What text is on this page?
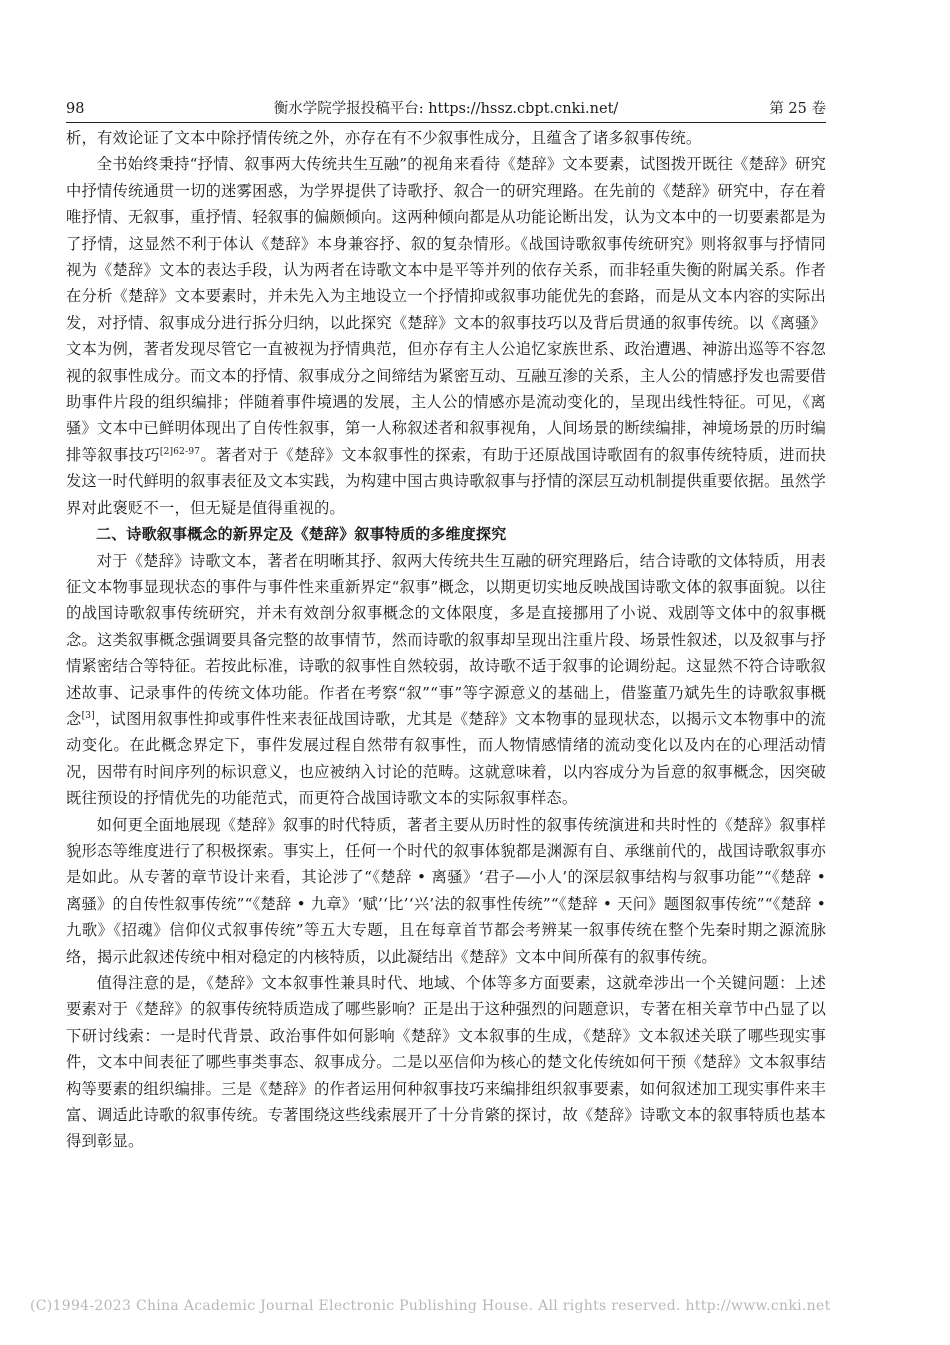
98	衡水学院学报投稿平台: https://hssz.cbpt.cnki.net/	第 25 卷

析，有效论证了文本中除抒情传统之外，亦存在有不少叙事性成分，且蕴含了诸多叙事传统。

全书始终秉持“抒情、叙事两大传统共生互融”的视角来看待《楚辞》文本要素，试图拨开既往《楚辞》研究中抒情传统通贯一切的迷雾困惑，为学界提供了诗歌抒、叙合一的研究理路。在先前的《楚辞》研究中，存在着唯抒情、无叙事，重抒情、轻叙事的偏颇倾向。这两种倾向都是从功能论断出发，认为文本中的一切要素都是为了抒情，这显然不利于体认《楚辞》本身兼容抒、叙的复杂情形。《战国诗歌叙事传统研究》则将叙事与抒情同视为《楚辞》文本的表达手段，认为两者在诗歌文本中是平等并列的依存关系，而非轻重失衡的附属关系。作者在分析《楚辞》文本要素时，并未先入为主地设立一个抒情抑或叙事功能优先的套路，而是从文本内容的实际出发，对抒情、叙事成分进行拆分归纳，以此探究《楚辞》文本的叙事技巧以及背后贯通的叙事传统。以《离骚》文本为例，著者发现尽管它一直被视为抒情典范，但亦存有主人公追忆家族世系、政治遭遇、神游出巡等不容忽视的叙事性成分。而文本的抒情、叙事成分之间缔结为紧密互动、互融互渗的关系，主人公的情感抒发也需要借助事件片段的组织编排；伴随着事件境遇的发展，主人公的情感亦是流动变化的，呈现出线性特征。可见，《离骚》文本中已鲜明体现出了自传性叙事，第一人称叙述者和叙事视角，人间场景的断续编排，神境场景的历时编排等叙事技巧$^{[2]62-97}$。著者对于《楚辞》文本叙事性的探索，有助于还原战国诗歌固有的叙事传统特质，进而抉发这一时代鲜明的叙事表征及文本实践，为构建中国古典诗歌叙事与抒情的深层互动机制提供重要依据。虽然学界对此褒贬不一，但无疑是值得重视的。

二、诗歌叙事概念的新界定及《楚辞》叙事特质的多维度探究

对于《楚辞》诗歌文本，著者在明晰其抒、叙两大传统共生互融的研究理路后，结合诗歌的文体特质，用表征文本物事显现状态的事件与事件性来重新界定“叙事”概念，以期更切实地反映战国诗歌文体的叙事面貌。以往的战国诗歌叙事传统研究，并未有效剖分叙事概念的文体限度，多是直接挪用了小说、戏剧等文体中的叙事概念。这类叙事概念强调要具备完整的故事情节，然而诗歌的叙事却呈现出注重片段、场景性叙述，以及叙事与抒情紧密结合等特征。若按此标准，诗歌的叙事性自然较弱，故诗歌不适于叙事的论调纷起。这显然不符合诗歌叙述故事、记录事件的传统文体功能。作者在考察“叙”“事”等字源意义的基础上，借鉴董乃斌先生的诗歌叙事概念[3]，试图用叙事性抑或事件性来表征战国诗歌，尤其是《楚辞》文本物事的显现状态，以揭示文本物事中的流动变化。在此概念界定下，事件发展过程自然带有叙事性，而人物情感情绪的流动变化以及内在的心理活动情况，因带有时间序列的标识意义，也应被纳入讨论的范畴。这就意味着，以内容成分为旨意的叙事概念，因突破既往预设的抒情优先的功能范式，而更符合战国诗歌文本的实际叙事样态。

如何更全面地展现《楚辞》叙事的时代特质，著者主要从历时性的叙事传统演进和共时性的《楚辞》叙事样貌形态等维度进行了积极探索。事实上，任何一个时代的叙事体貌都是渊源有自、承继前代的，战国诗歌叙事亦是如此。从专著的章节设计来看，其论涉了“《楚辞 • 离骚》‘君子—小人’的深层叙事结构与叙事功能”“《楚辞 • 离骚》的自传性叙事传统”“《楚辞 • 九章》‘赋’‘比’‘兴’法的叙事性传统”“《楚辞 • 天问》题图叙事传统”“《楚辞 • 九歌》《招魂》信仰仪式叙事传统”等五大专题，且在每章首节都会考辨某一叙事传统在整个先秦时期之源流脉络，揭示此叙述传统中相对稳定的内核特质，以此凝结出《楚辞》文本中间所葆有的叙事传统。

值得注意的是，《楚辞》文本叙事性兼具时代、地域、个体等多方面要素，这就牵涉出一个关键问题：上述要素对于《楚辞》的叙事传统特质造成了哪些影响？正是出于这种强烈的问题意识，专著在相关章节中凸显了以下研讨线索：一是时代背景、政治事件如何影响《楚辞》文本叙事的生成，《楚辞》文本叙述关联了哪些现实事件，文本中间表征了哪些事类事态、叙事成分。二是以巫信仰为核心的楚文化传统如何干预《楚辞》文本叙事结构等要素的组织编排。三是《楚辞》的作者运用何种叙事技巧来编排组织叙事要素，如何叙述加工现实事件来丰富、调适此诗歌的叙事传统。专著围绕这些线索展开了十分肯綮的探讨，故《楚辞》诗歌文本的叙事特质也基本得到彰显。

(C)1994-2023 China Academic Journal Electronic Publishing House. All rights reserved. http://www.cnki.net
